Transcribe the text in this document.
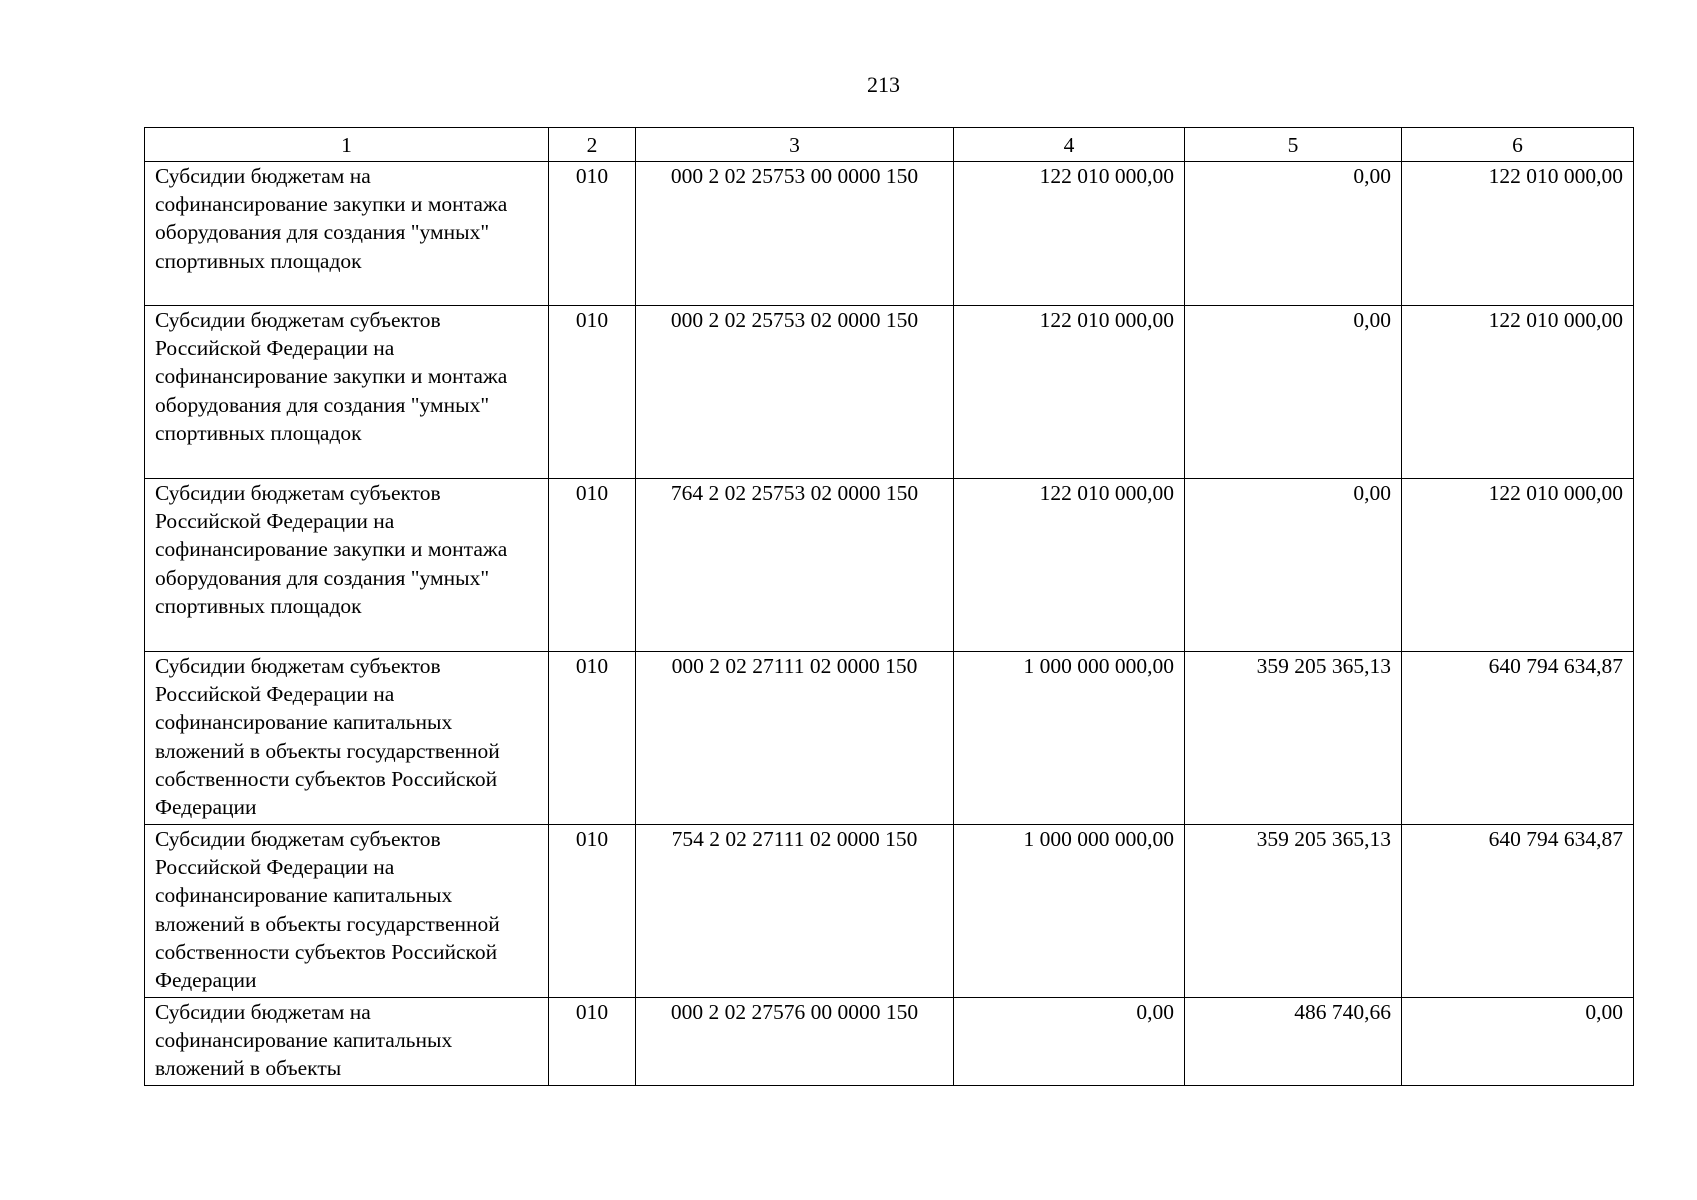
213
1	2	3	4	5	6
Субсидии бюджетам на софинансирование закупки и монтажа оборудования для создания "умных" спортивных площадок	010	000 2 02 25753 00 0000 150	122 010 000,00	0,00	122 010 000,00
Субсидии бюджетам субъектов Российской Федерации на софинансирование закупки и монтажа оборудования для создания "умных" спортивных площадок	010	000 2 02 25753 02 0000 150	122 010 000,00	0,00	122 010 000,00
Субсидии бюджетам субъектов Российской Федерации на софинансирование закупки и монтажа оборудования для создания "умных" спортивных площадок	010	764 2 02 25753 02 0000 150	122 010 000,00	0,00	122 010 000,00
Субсидии бюджетам субъектов Российской Федерации на софинансирование капитальных вложений в объекты государственной собственности субъектов Российской Федерации	010	000 2 02 27111 02 0000 150	1 000 000 000,00	359 205 365,13	640 794 634,87
Субсидии бюджетам субъектов Российской Федерации на софинансирование капитальных вложений в объекты государственной собственности субъектов Российской Федерации	010	754 2 02 27111 02 0000 150	1 000 000 000,00	359 205 365,13	640 794 634,87
Субсидии бюджетам на софинансирование капитальных вложений в объекты	010	000 2 02 27576 00 0000 150	0,00	486 740,66	0,00
